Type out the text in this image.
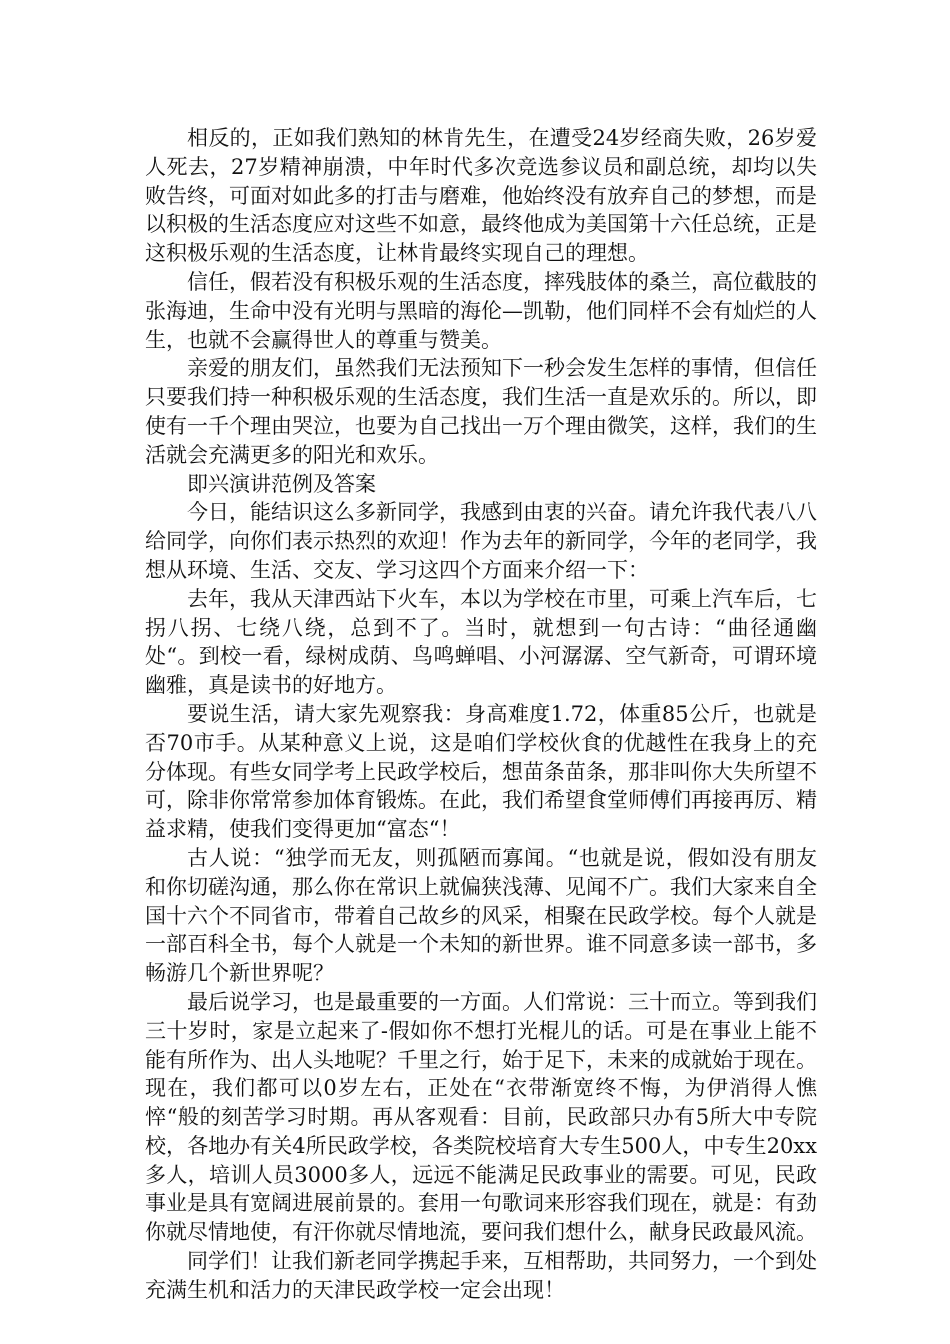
相反的，正如我们熟知的林肯先生，在遭受24岁经商失败，26岁爱人死去，27岁精神崩溃，中年时代多次竞选参议员和副总统，却均以失败告终，可面对如此多的打击与磨难，他始终没有放弃自己的梦想，而是以积极的生活态度应对这些不如意，最终他成为美国第十六任总统，正是这积极乐观的生活态度，让林肯最终实现自己的理想。

信任，假若没有积极乐观的生活态度，摔残肢体的桑兰，高位截肢的张海迪，生命中没有光明与黑暗的海伦—凯勒，他们同样不会有灿烂的人生，也就不会赢得世人的尊重与赞美。

亲爱的朋友们，虽然我们无法预知下一秒会发生怎样的事情，但信任只要我们持一种积极乐观的生活态度，我们生活一直是欢乐的。所以，即使有一千个理由哭泣，也要为自己找出一万个理由微笑，这样，我们的生活就会充满更多的阳光和欢乐。

即兴演讲范例及答案

今日，能结识这么多新同学，我感到由衷的兴奋。请允许我代表八八给同学，向你们表示热烈的欢迎！作为去年的新同学，今年的老同学，我想从环境、生活、交友、学习这四个方面来介绍一下：

去年，我从天津西站下火车，本以为学校在市里，可乘上汽车后，七拐八拐、七绕八绕，总到不了。当时，就想到一句古诗：“曲径通幽处“。到校一看，绿树成荫、鸟鸣蝉唱、小河潺潺、空气新奇，可谓环境幽雅，真是读书的好地方。

要说生活，请大家先观察我：身高难度1.72，体重85公斤，也就是否70市手。从某种意义上说，这是咱们学校伙食的优越性在我身上的充分体现。有些女同学考上民政学校后，想苗条苗条，那非叫你大失所望不可，除非你常常参加体育锻炼。在此，我们希望食堂师傅们再接再厉、精益求精，使我们变得更加“富态“！

古人说：“独学而无友，则孤陋而寡闻。“也就是说，假如没有朋友和你切磋沟通，那么你在常识上就偏狭浅薄、见闻不广。我们大家来自全国十六个不同省市，带着自己故乡的风采，相聚在民政学校。每个人就是一部百科全书，每个人就是一个未知的新世界。谁不同意多读一部书，多畅游几个新世界呢？

最后说学习，也是最重要的一方面。人们常说：三十而立。等到我们三十岁时，家是立起来了-假如你不想打光棍儿的话。可是在事业上能不能有所作为、出人头地呢？千里之行，始于足下，未来的成就始于现在。现在，我们都可以0岁左右，正处在“衣带渐宽终不悔，为伊消得人憔悴“般的刻苦学习时期。再从客观看：目前，民政部只办有5所大中专院校，各地办有关4所民政学校，各类院校培育大专生500人，中专生20xx多人，培训人员3000多人，远远不能满足民政事业的需要。可见，民政事业是具有宽阔进展前景的。套用一句歌词来形容我们现在，就是：有劲你就尽情地使，有汗你就尽情地流，要问我们想什么，献身民政最风流。

同学们！让我们新老同学携起手来，互相帮助，共同努力，一个到处充满生机和活力的天津民政学校一定会出现！
